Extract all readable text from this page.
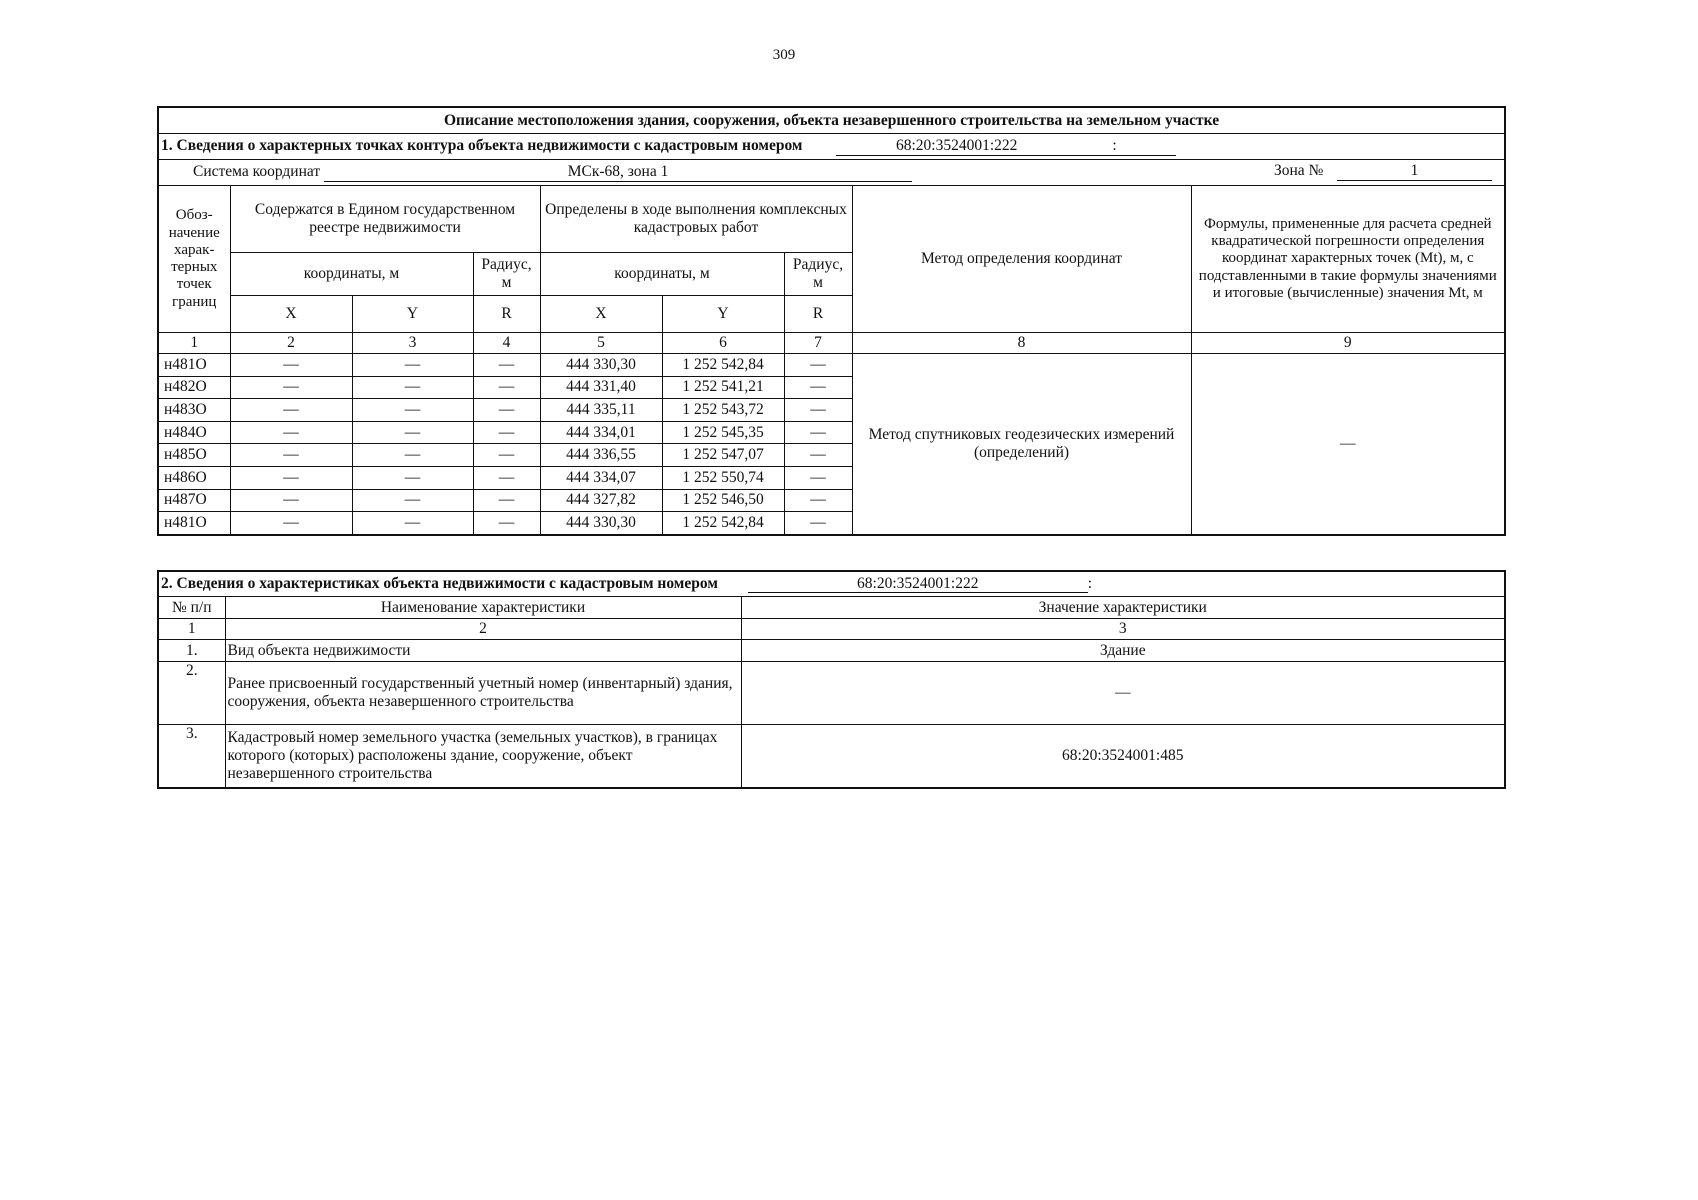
309
Описание местоположения здания, сооружения, объекта незавершенного строительства на земельном участке								
1. Сведения о характерных точках контура объекта недвижимости с кадастровым номером 68:20:3524001:222 :								
Система координат МСк-68, зона 1 Зона № 1								

Обоз-начение харак-терных точек границ	Содержатся в Едином государственном реестре недвижимости			Определены в ходе выполнения комплексных кадастровых работ			Метод определения координат	Формулы, примененные для расчета средней квадратической погрешности определения координат характерных точек (Mt), м, с подставленными в такие формулы значениями и итоговые (вычисленные) значения Mt, м
	координаты, м		Радиус, м	координаты, м		Радиус, м		
	X	Y	R	X	Y	R		
1	2	3	4	5	6	7	8	9
н481О	—	—	—	444 330,30	1 252 542,84	—	Метод спутниковых геодезических измерений (определений)	—
н482О	—	—	—	444 331,40	1 252 541,21	—		
н483О	—	—	—	444 335,11	1 252 543,72	—		
н484О	—	—	—	444 334,01	1 252 545,35	—		
н485О	—	—	—	444 336,55	1 252 547,07	—		
н486О	—	—	—	444 334,07	1 252 550,74	—		
н487О	—	—	—	444 327,82	1 252 546,50	—		
н481О	—	—	—	444 330,30	1 252 542,84	—		
2. Сведения о характеристиках объекта недвижимости с кадастровым номером 68:20:3524001:222 :		
№ п/п	Наименование характеристики	Значение характеристики
1	2	3
1.	Вид объекта недвижимости	Здание
2.	Ранее присвоенный государственный учетный номер (инвентарный) здания, сооружения, объекта незавершенного строительства	—
3.	Кадастровый номер земельного участка (земельных участков), в границах которого (которых) расположены здание, сооружение, объект незавершенного строительства	68:20:3524001:485
